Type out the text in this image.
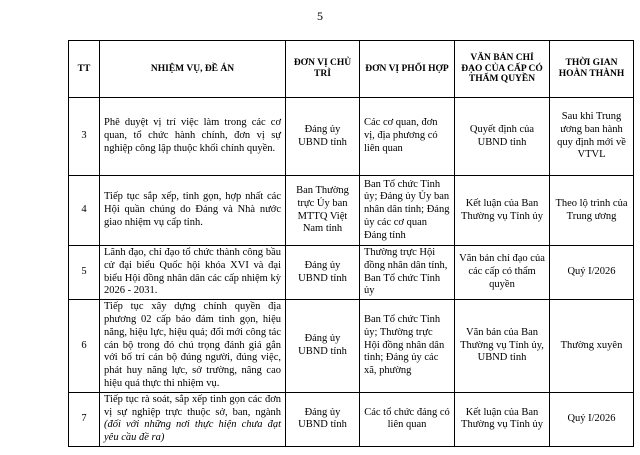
5
TT	NHIỆM VỤ, ĐỀ ÁN	ĐƠN VỊ CHỦ TRÌ	ĐƠN VỊ PHỐI HỢP	VĂN BẢN CHỈ ĐẠO CỦA CẤP CÓ THẨM QUYỀN	THỜI GIAN HOÀN THÀNH
3	Phê duyệt vị trí việc làm trong các cơ quan, tổ chức hành chính, đơn vị sự nghiệp công lập thuộc khối chính quyền.	Đảng ủy UBND tỉnh	Các cơ quan, đơn vị, địa phương có liên quan	Quyết định của UBND tỉnh	Sau khi Trung ương ban hành quy định mới về VTVL
4	Tiếp tục sắp xếp, tinh gọn, hợp nhất các Hội quần chúng do Đảng và Nhà nước giao nhiệm vụ cấp tỉnh.	Ban Thường trực Ủy ban MTTQ Việt Nam tỉnh	Ban Tổ chức Tỉnh ủy; Đảng ủy Ủy ban nhân dân tỉnh; Đảng ủy các cơ quan Đảng tỉnh	Kết luận của Ban Thường vụ Tỉnh ủy	Theo lộ trình của Trung ương
5	Lãnh đạo, chỉ đạo tổ chức thành công bầu cử đại biểu Quốc hội khóa XVI và đại biểu Hội đồng nhân dân các cấp nhiệm kỳ 2026 - 2031.	Đảng ủy UBND tỉnh	Thường trực Hội đồng nhân dân tỉnh, Ban Tổ chức Tỉnh ủy	Văn bản chỉ đạo của các cấp có thẩm quyền	Quý I/2026
6	Tiếp tục xây dựng chính quyền địa phương 02 cấp bảo đảm tinh gọn, hiệu năng, hiệu lực, hiệu quả; đổi mới công tác cán bộ trong đó chú trọng đánh giá gắn với bố trí cán bộ đúng người, đúng việc, phát huy năng lực, sở trường, nâng cao hiệu quả thực thi nhiệm vụ.	Đảng ủy UBND tỉnh	Ban Tổ chức Tỉnh ủy; Thường trực Hội đồng nhân dân tỉnh; Đảng ủy các xã, phường	Văn bản của Ban Thường vụ Tỉnh ủy, UBND tỉnh	Thường xuyên
7	Tiếp tục rà soát, sắp xếp tinh gọn các đơn vị sự nghiệp trực thuộc sở, ban, ngành (đối với những nơi thực hiện chưa đạt yêu cầu đề ra)	Đảng ủy UBND tỉnh	Các tổ chức đảng có liên quan	Kết luận của Ban Thường vụ Tỉnh ủy	Quý I/2026
